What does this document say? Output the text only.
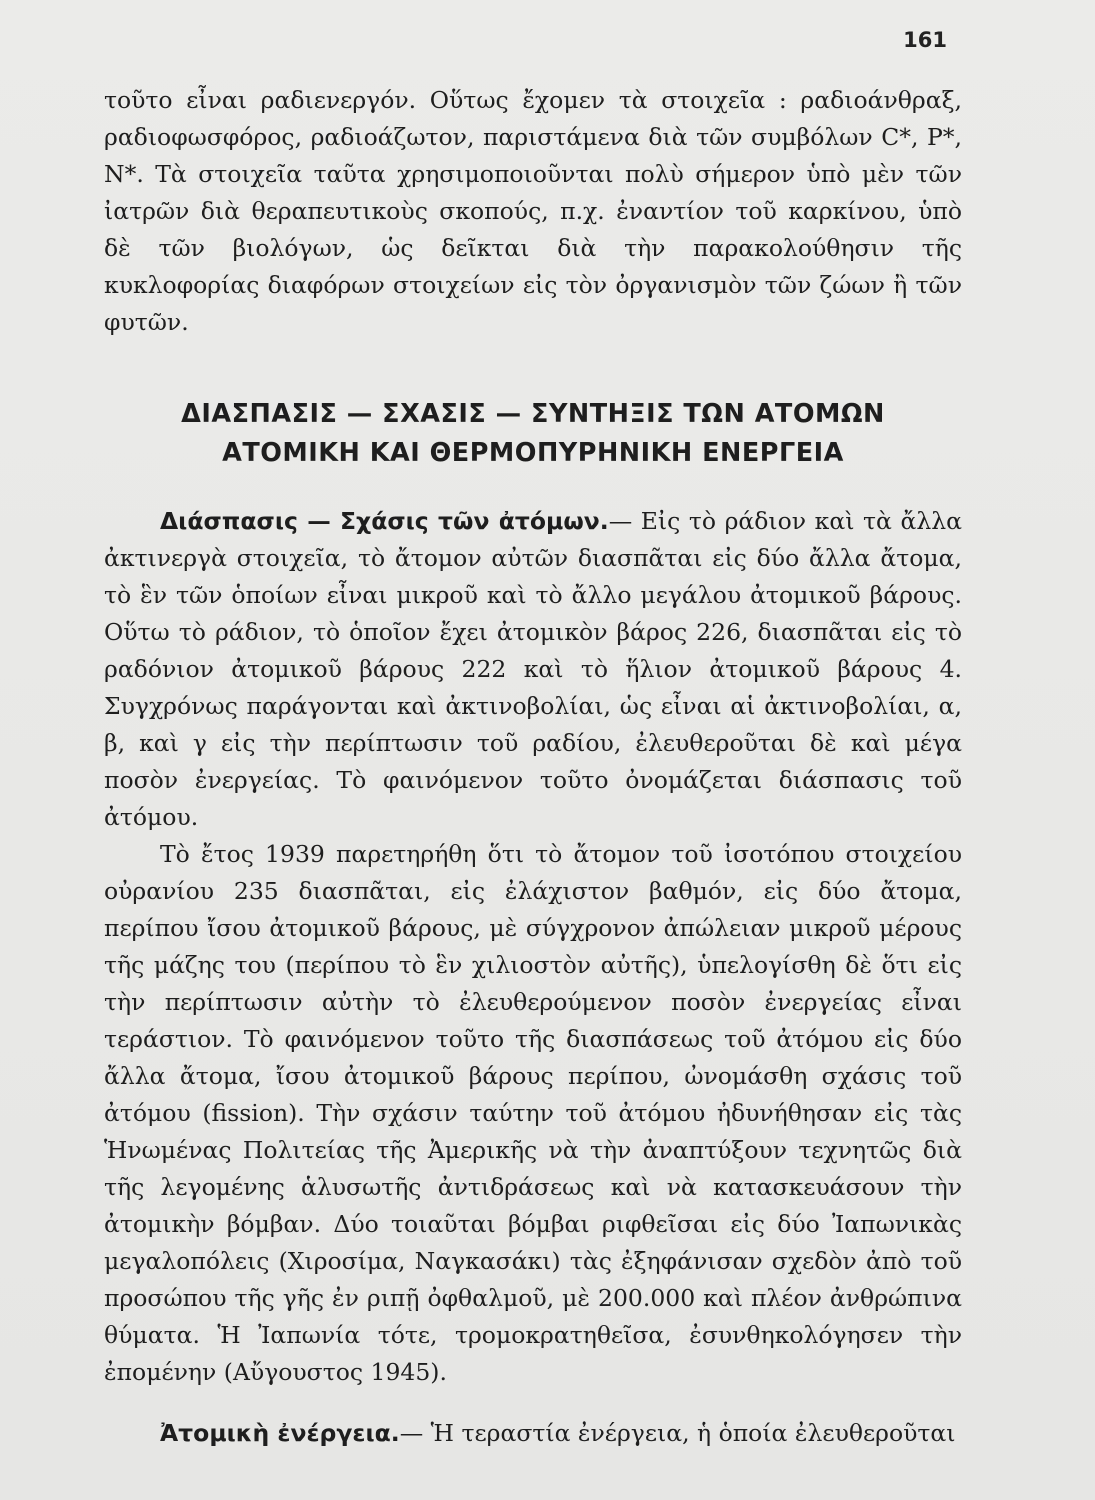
161

τοῦτο εἶναι ραδιενεργόν. Οὕτως ἔχομεν τὰ στοιχεῖα : ραδιοάνθραξ, ραδιοφωσφόρος, ραδιοάζωτον, παριστάμενα διὰ τῶν συμβόλων C*, P*, N*. Τὰ στοιχεῖα ταῦτα χρησιμοποιοῦνται πολὺ σήμερον ὑπὸ μὲν τῶν ἰατρῶν διὰ θεραπευτικοὺς σκοπούς, π.χ. ἐναντίον τοῦ καρκίνου, ὑπὸ δὲ τῶν βιολόγων, ὡς δεῖκται διὰ τὴν παρακολούθησιν τῆς κυκλοφορίας διαφόρων στοιχείων εἰς τὸν ὀργανισμὸν τῶν ζώων ἢ τῶν φυτῶν.

ΔΙΑΣΠΑΣΙΣ — ΣΧΑΣΙΣ — ΣΥΝΤΗΞΙΣ ΤΩΝ ΑΤΟΜΩΝ
ΑΤΟΜΙΚΗ ΚΑΙ ΘΕΡΜΟΠΥΡΗΝΙΚΗ ΕΝΕΡΓΕΙΑ

Διάσπασις — Σχάσις τῶν ἀτόμων.— Εἰς τὸ ράδιον καὶ τὰ ἄλλα ἀκτινεργὰ στοιχεῖα, τὸ ἄτομον αὐτῶν διασπᾶται εἰς δύο ἄλλα ἄτομα, τὸ ἓν τῶν ὁποίων εἶναι μικροῦ καὶ τὸ ἄλλο μεγάλου ἀτομικοῦ βάρους. Οὕτω τὸ ράδιον, τὸ ὁποῖον ἔχει ἀτομικὸν βάρος 226, διασπᾶται εἰς τὸ ραδόνιον ἀτομικοῦ βάρους 222 καὶ τὸ ἥλιον ἀτομικοῦ βάρους 4. Συγχρόνως παράγονται καὶ ἀκτινοβολίαι, ὡς εἶναι αἱ ἀκτινοβολίαι, α, β, καὶ γ εἰς τὴν περίπτωσιν τοῦ ραδίου, ἐλευθεροῦται δὲ καὶ μέγα ποσὸν ἐνεργείας. Τὸ φαινόμενον τοῦτο ὀνομάζεται διάσπασις τοῦ ἀτόμου.

Τὸ ἔτος 1939 παρετηρήθη ὅτι τὸ ἄτομον τοῦ ἰσοτόπου στοιχείου οὐρανίου 235 διασπᾶται, εἰς ἐλάχιστον βαθμόν, εἰς δύο ἄτομα, περίπου ἴσου ἀτομικοῦ βάρους, μὲ σύγχρονον ἀπώλειαν μικροῦ μέρους τῆς μάζης του (περίπου τὸ ἓν χιλιοστὸν αὐτῆς), ὑπελογίσθη δὲ ὅτι εἰς τὴν περίπτωσιν αὐτὴν τὸ ἐλευθερούμενον ποσὸν ἐνεργείας εἶναι τεράστιον. Τὸ φαινόμενον τοῦτο τῆς διασπάσεως τοῦ ἀτόμου εἰς δύο ἄλλα ἄτομα, ἴσου ἀτομικοῦ βάρους περίπου, ὠνομάσθη σχάσις τοῦ ἀτόμου (fission). Τὴν σχάσιν ταύτην τοῦ ἀτόμου ἠδυνήθησαν εἰς τὰς Ἡνωμένας Πολιτείας τῆς Ἀμερικῆς νὰ τὴν ἀναπτύξουν τεχνητῶς διὰ τῆς λεγομένης ἁλυσωτῆς ἀντιδράσεως καὶ νὰ κατασκευάσουν τὴν ἀτομικὴν βόμβαν. Δύο τοιαῦται βόμβαι ριφθεῖσαι εἰς δύο Ἰαπωνικὰς μεγαλοπόλεις (Χιροσίμα, Ναγκασάκι) τὰς ἐξηφάνισαν σχεδὸν ἀπὸ τοῦ προσώπου τῆς γῆς ἐν ριπῇ ὀφθαλμοῦ, μὲ 200.000 καὶ πλέον ἀνθρώπινα θύματα. Ἡ Ἰαπωνία τότε, τρομοκρατηθεῖσα, ἐσυνθηκολόγησεν τὴν ἐπομένην (Αὔγουστος 1945).

Ἀτομικὴ ἐνέργεια.— Ἡ τεραστία ἐνέργεια, ἡ ὁποία ἐλευθεροῦται
